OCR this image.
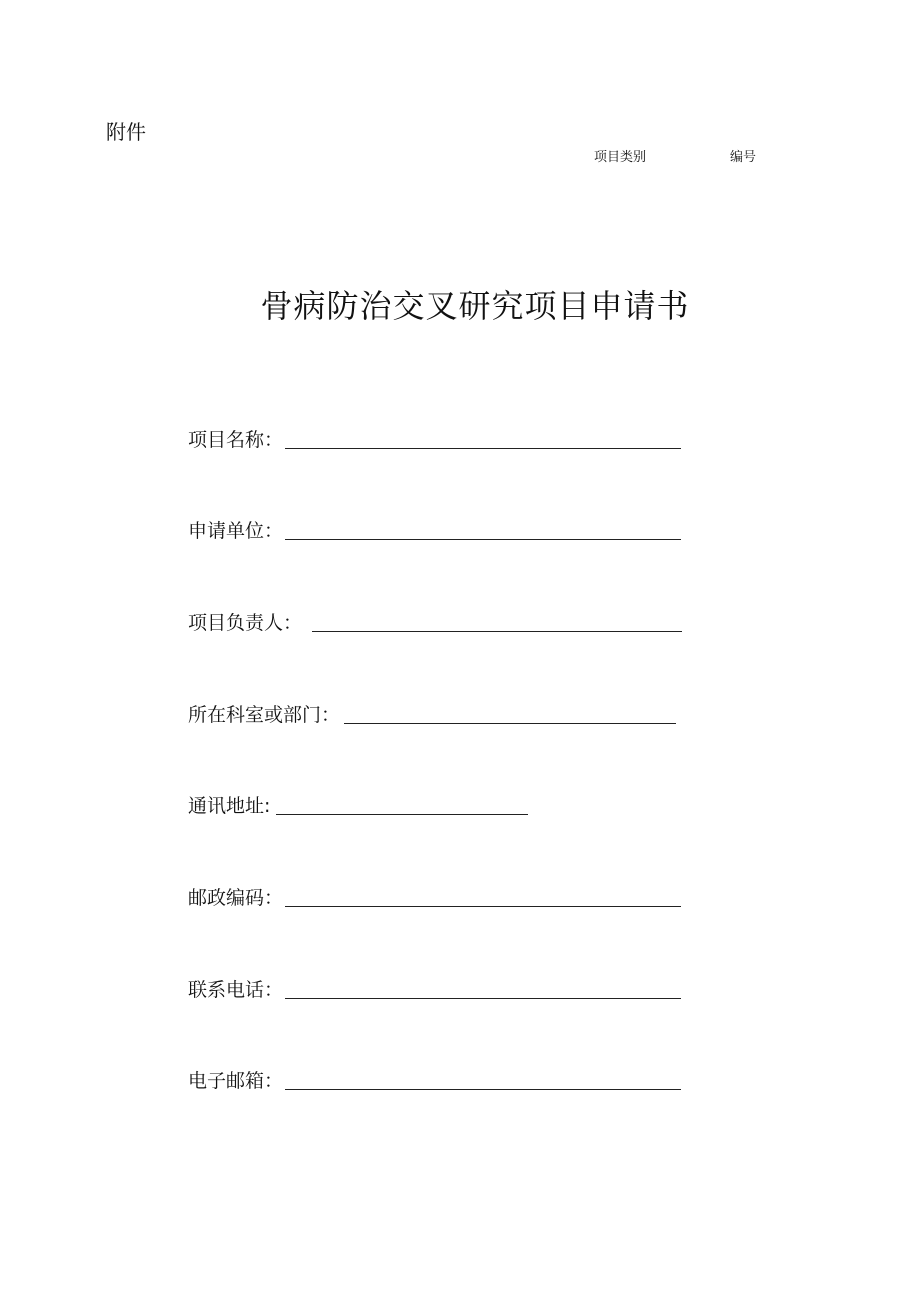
附件
项目类别	编号
骨病防治交叉研究项目申请书
项目名称：
申请单位：
项目负责人：
所在科室或部门：
通讯地址:
邮政编码：
联系电话：
电子邮箱：
